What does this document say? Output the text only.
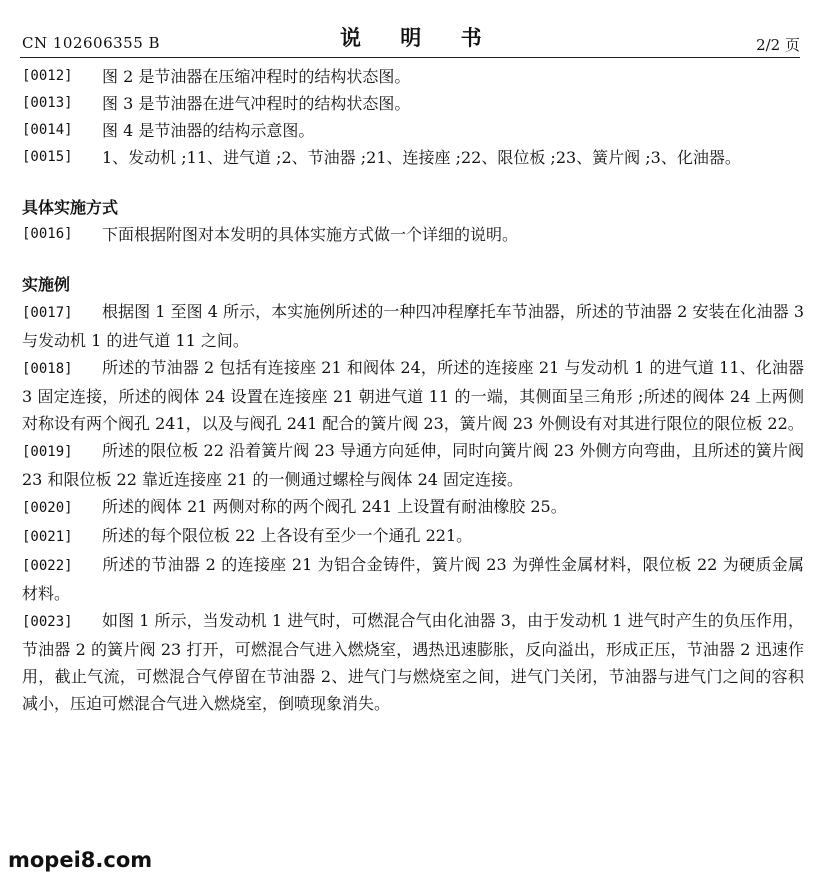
CN 102606355 B	说 明 书	2/2 页

[0012]	图 2 是节油器在压缩冲程时的结构状态图。

[0013]	图 3 是节油器在进气冲程时的结构状态图。

[0014]	图 4 是节油器的结构示意图。

[0015]	1、发动机 ;11、进气道 ;2、节油器 ;21、连接座 ;22、限位板 ;23、簧片阀 ;3、化油器。

具体实施方式

[0016]	下面根据附图对本发明的具体实施方式做一个详细的说明。

实施例

[0017] 根据图 1 至图 4 所示，本实施例所述的一种四冲程摩托车节油器，所述的节油器 2 安装在化油器 3 与发动机 1 的进气道 11 之间。

[0018] 所述的节油器 2 包括有连接座 21 和阀体 24，所述的连接座 21 与发动机 1 的进气道 11、化油器 3 固定连接，所述的阀体 24 设置在连接座 21 朝进气道 11 的一端，其侧面呈三角形 ;所述的阀体 24 上两侧对称设有两个阀孔 241，以及与阀孔 241 配合的簧片阀 23，簧片阀 23 外侧设有对其进行限位的限位板 22。

[0019] 所述的限位板 22 沿着簧片阀 23 导通方向延伸，同时向簧片阀 23 外侧方向弯曲，且所述的簧片阀 23 和限位板 22 靠近连接座 21 的一侧通过螺栓与阀体 24 固定连接。

[0020] 所述的阀体 21 两侧对称的两个阀孔 241 上设置有耐油橡胶 25。

[0021] 所述的每个限位板 22 上各设有至少一个通孔 221。

[0022] 所述的节油器 2 的连接座 21 为铝合金铸件，簧片阀 23 为弹性金属材料，限位板 22 为硬质金属材料。

[0023] 如图 1 所示，当发动机 1 进气时，可燃混合气由化油器 3，由于发动机 1 进气时产生的负压作用，节油器 2 的簧片阀 23 打开，可燃混合气进入燃烧室，遇热迅速膨胀，反向溢出，形成正压，节油器 2 迅速作用，截止气流，可燃混合气停留在节油器 2、进气门与燃烧室之间，进气门关闭，节油器与进气门之间的容积减小，压迫可燃混合气进入燃烧室，倒喷现象消失。

mopei8.com
